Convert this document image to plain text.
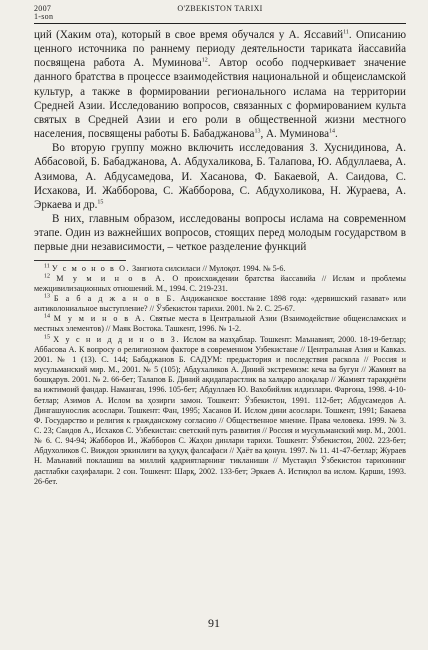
2007
1-son
O'ZBEKISTON TARIXI

ций (Хаким ота), который в свое время обучался у А. Яссавий$^{11}$. Описанию ценного источника по раннему периоду деятельности тариката йассавийа посвящена работа А. Муминова$^{12}$. Автор особо подчеркивает значение данного братства в процессе взаимодействия национальной и общеисламской культур, а также в формировании регионального ислама на территории Средней Азии. Исследованию вопросов, связанных с формированием культа святых в Средней Азии и его роли в общественной жизни местного населения, посвящены работы Б. Бабаджанова$^{13}$, А. Муминова$^{14}$.

Во вторую группу можно включить исследования З. Хуснидинова, А. Аббасовой, Б. Бабаджанова, А. Абдухаликова, Б. Талапова, Ю. Абдуллаева, А. Азимова, А. Абдусамедова, И. Хасанова, Ф. Бакаевой, А. Саидова, С. Исхакова, И. Жабборова, С. Жабборова, С. Абдухоликова, Н. Жураева, А. Эркаева и др.$^{15}$

В них, главным образом, исследованы вопросы ислама на современном этапе. Один из важнейших вопросов, стоящих перед молодым государством в первые дни независимости, – четкое разделение функций

$^{11}$ У с м о н о в О. Зангиота силсиласи // Мулоқот. 1994. № 5-6.

$^{12}$ М у м и н о в А. О происхождении братства йассавийа // Ислам и проблемы межцивилизационных отношений. М., 1994. С. 219-231.

$^{13}$ Б а б а д ж а н о в Б. Андижанское восстание 1898 года: «дервишский газават» или антиколониальное выступление? // Ўзбекистон тарихи. 2001. № 2. С. 25-67.

$^{14}$ М у м и н о в А. Святые места в Центральной Азии (Взаимодействие общеисламских и местных элементов) // Маяк Востока. Ташкент, 1996. № 1-2.

$^{15}$ Х у с н и д д и н о в З. Ислом ва мазҳаблар. Тошкент: Маънавият, 2000. 18-19-бетлар; Аббасова А. К вопросу о религиозном факторе в современном Узбекистане // Центральная Азия и Кавказ. 2001. № 1 (13). С. 144; Бабаджанов Б. САДУМ: предыстория и последствия раскола // Россия и мусульманский мир. М., 2001. № 5 (105); Абдухаликов А. Диний экстремизм: кеча ва бугун // Жамият ва бошқарув. 2001. № 2. 66-бет; Талапов Б. Диний ақидапарастлик ва халқаро алоқалар // Жамият тараққиёти ва ижтимоий фандар. Наманган, 1996. 105-бет; Абдуллаев Ю. Вахобийлик илдизлари. Фарғона, 1998. 4-10-бетлар; Азимов А. Ислом ва ҳозирги замон. Тошкент: Ўзбекистон, 1991. 112-бет; Абдусамедов А. Дингашунослик асослари. Тошкент: Фан, 1995; Хасанов И. Ислом дини асослари. Тошкент, 1991; Бакаева Ф. Государство и религия к гражданскому согласию // Общественное мнение. Права человека. 1999. № 3. С. 23; Саидов А., Исхаков С. Узбекистан: светский путь развития // Россия и мусульманский мир. М., 2001. № 6. С. 94-94; Жабборов И., Жабборов С. Жаҳон динлари тарихи. Тошкент: Ўзбекистон, 2002. 223-бет; Абдухоликов С. Виждон эркинлиги ва ҳуқуқ фалсафаси // Ҳаёт ва қонун. 1997. № 11. 41-47-бетлар; Жураев Н. Маънавий поклашиш ва миллий қадриятларнинг тикланиши // Мустақил Ўзбекистон тарихининг дастлабки саҳифалари. 2 сон. Тошкент: Шарқ, 2002. 133-бет; Эркаев А. Истиқлол ва ислом. Қарши, 1993. 26-бет.

91
